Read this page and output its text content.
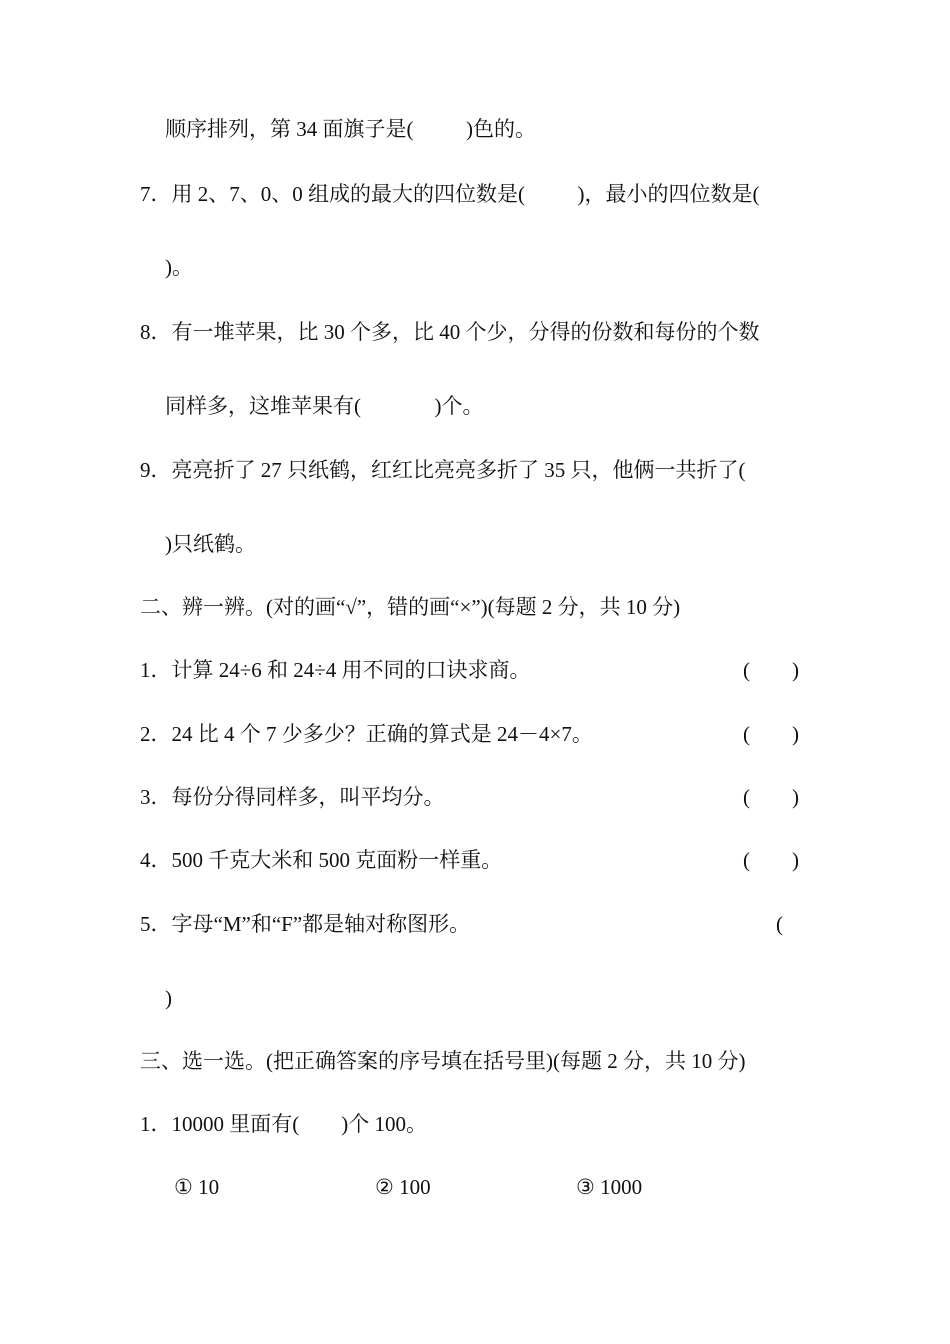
顺序排列，第 34 面旗子是(          )色的。
7．用 2、7、0、0 组成的最大的四位数是(          )，最小的四位数是(
)。
8．有一堆苹果，比 30 个多，比 40 个少，分得的份数和每份的个数
同样多，这堆苹果有(              )个。
9．亮亮折了 27 只纸鹤，红红比亮亮多折了 35 只，他俩一共折了(
)只纸鹤。
二、辨一辨。(对的画“√”，错的画“×”)(每题 2 分，共 10 分)
1．计算 24÷6 和 24÷4 用不同的口诀求商。	(        )
2．24 比 4 个 7 少多少？正确的算式是 24－4×7。	(        )
3．每份分得同样多，叫平均分。	(        )
4．500 千克大米和 500 克面粉一样重。	(        )
5．字母“M”和“F”都是轴对称图形。	(
)
三、选一选。(把正确答案的序号填在括号里)(每题 2 分，共 10 分)
1．10000 里面有(        )个 100。
① 10	② 100	③ 1000
